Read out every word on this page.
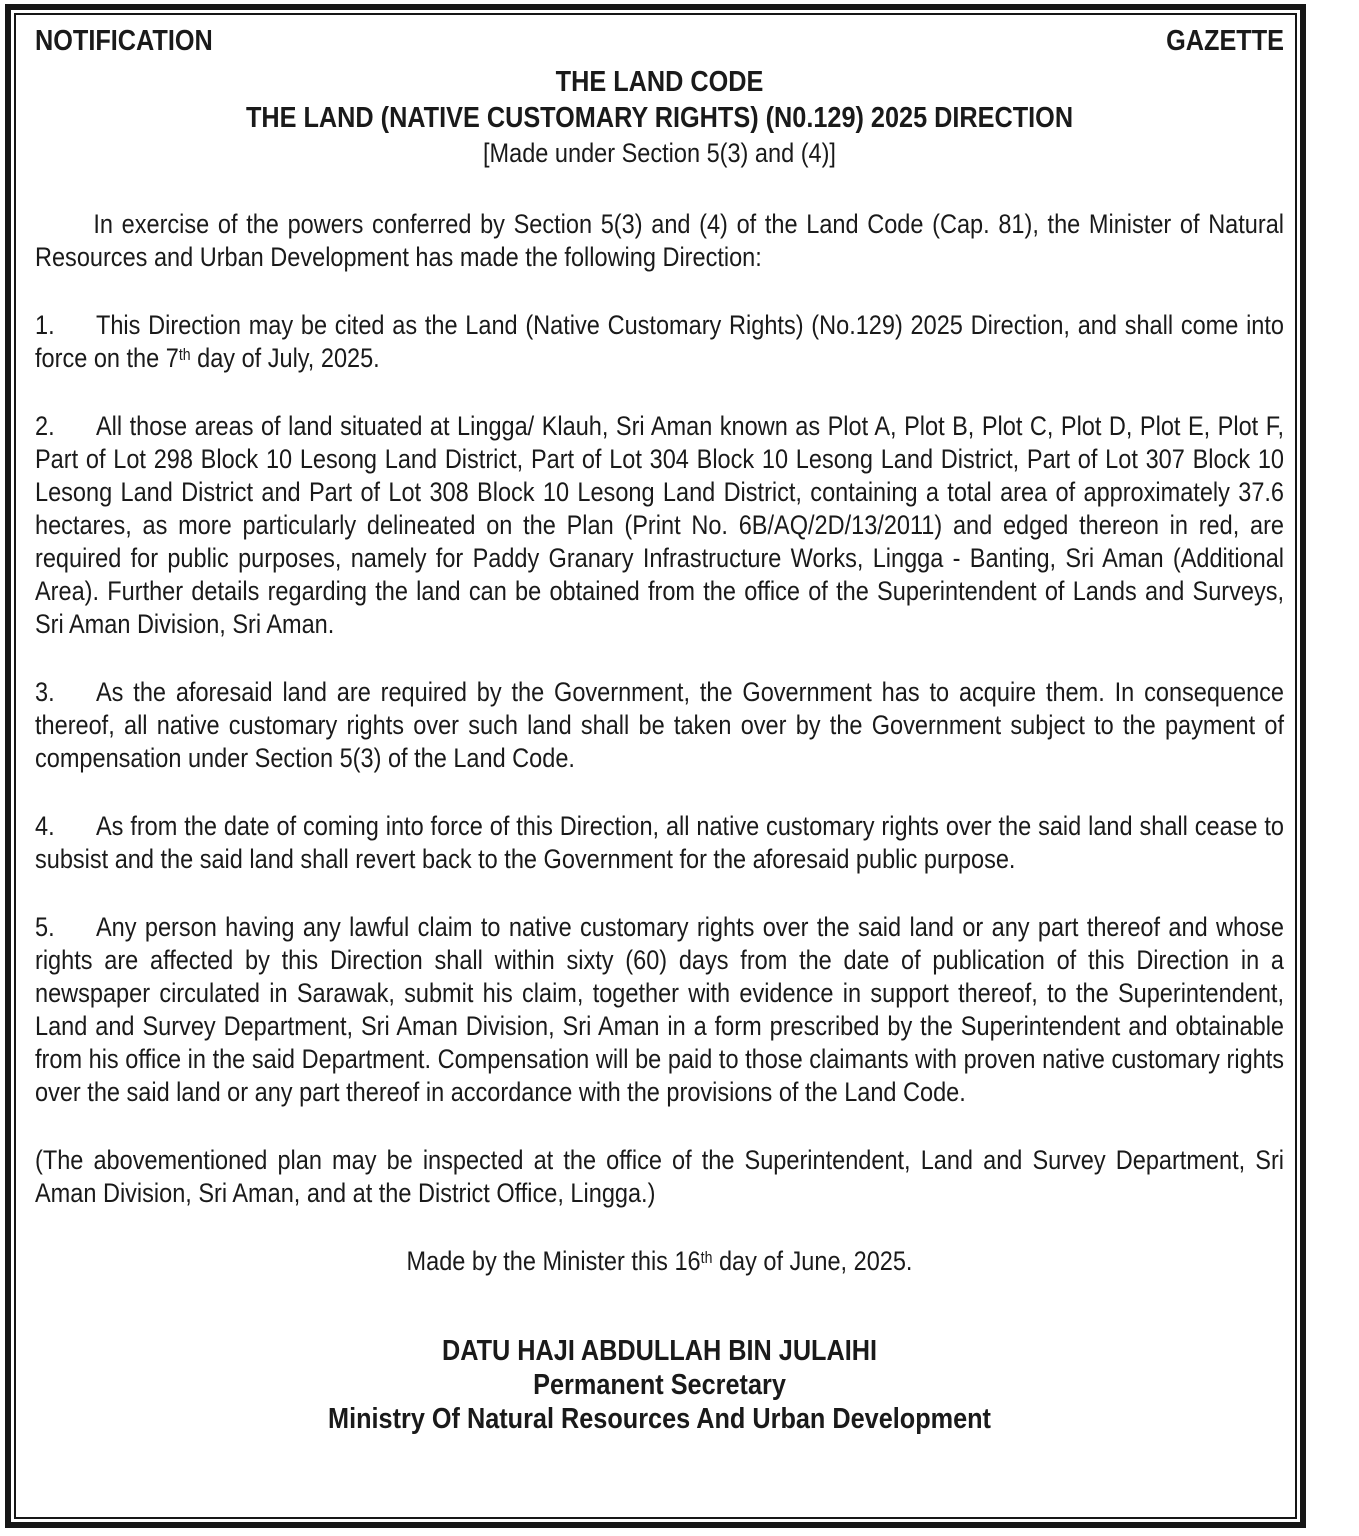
NOTIFICATION	GAZETTE
THE LAND CODE
THE LAND (NATIVE CUSTOMARY RIGHTS) (N0.129) 2025 DIRECTION
[Made under Section 5(3) and (4)]

In exercise of the powers conferred by Section 5(3) and (4) of the Land Code (Cap. 81), the Minister of Natural Resources and Urban Development has made the following Direction:

1. This Direction may be cited as the Land (Native Customary Rights) (No.129) 2025 Direction, and shall come into force on the 7th day of July, 2025.

2. All those areas of land situated at Lingga/ Klauh, Sri Aman known as Plot A, Plot B, Plot C, Plot D, Plot E, Plot F, Part of Lot 298 Block 10 Lesong Land District, Part of Lot 304 Block 10 Lesong Land District, Part of Lot 307 Block 10 Lesong Land District and Part of Lot 308 Block 10 Lesong Land District, containing a total area of approximately 37.6 hectares, as more particularly delineated on the Plan (Print No. 6B/AQ/2D/13/2011) and edged thereon in red, are required for public purposes, namely for Paddy Granary Infrastructure Works, Lingga - Banting, Sri Aman (Additional Area). Further details regarding the land can be obtained from the office of the Superintendent of Lands and Surveys, Sri Aman Division, Sri Aman.

3. As the aforesaid land are required by the Government, the Government has to acquire them. In consequence thereof, all native customary rights over such land shall be taken over by the Government subject to the payment of compensation under Section 5(3) of the Land Code.

4. As from the date of coming into force of this Direction, all native customary rights over the said land shall cease to subsist and the said land shall revert back to the Government for the aforesaid public purpose.

5. Any person having any lawful claim to native customary rights over the said land or any part thereof and whose rights are affected by this Direction shall within sixty (60) days from the date of publication of this Direction in a newspaper circulated in Sarawak, submit his claim, together with evidence in support thereof, to the Superintendent, Land and Survey Department, Sri Aman Division, Sri Aman in a form prescribed by the Superintendent and obtainable from his office in the said Department. Compensation will be paid to those claimants with proven native customary rights over the said land or any part thereof in accordance with the provisions of the Land Code.

(The abovementioned plan may be inspected at the office of the Superintendent, Land and Survey Department, Sri Aman Division, Sri Aman, and at the District Office, Lingga.)

Made by the Minister this 16th day of June, 2025.

DATU HAJI ABDULLAH BIN JULAIHI
Permanent Secretary
Ministry Of Natural Resources And Urban Development
